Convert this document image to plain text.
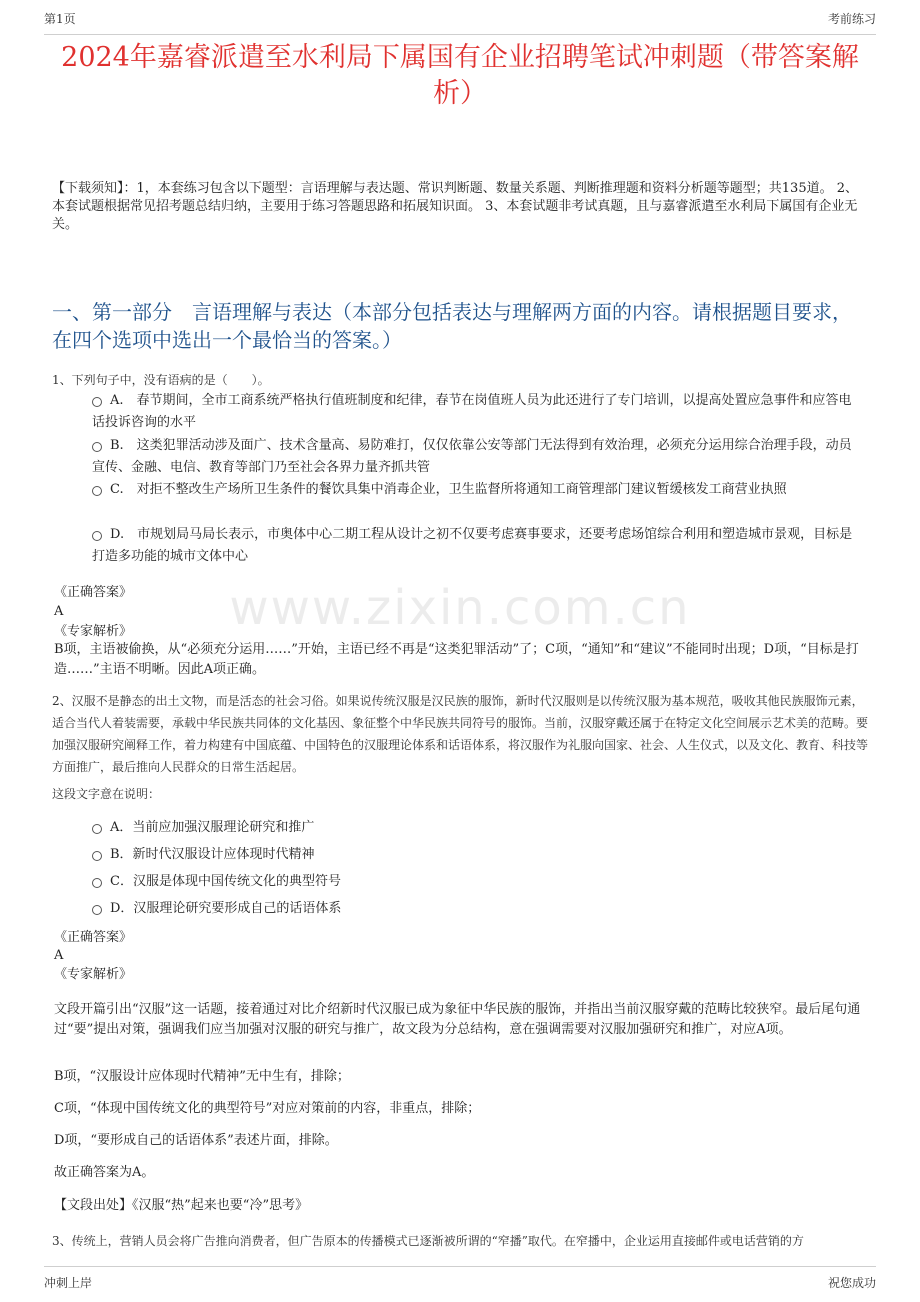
第1页	考前练习
www.zixin.com.cn
2024年嘉睿派遣至水利局下属国有企业招聘笔试冲刺题（带答案解析）
【下载须知】：1，本套练习包含以下题型：言语理解与表达题、常识判断题、数量关系题、判断推理题和资料分析题等题型；共135道。 2、本套试题根据常见招考题总结归纳，主要用于练习答题思路和拓展知识面。 3、本套试题非考试真题，且与嘉睿派遣至水利局下属国有企业无关。
一、第一部分　言语理解与表达（本部分包括表达与理解两方面的内容。请根据题目要求，在四个选项中选出一个最恰当的答案。）
1、下列句子中，没有语病的是（　　）。
A.　春节期间，全市工商系统严格执行值班制度和纪律，春节在岗值班人员为此还进行了专门培训，以提高处置应急事件和应答电话投诉咨询的水平
B.　这类犯罪活动涉及面广、技术含量高、易防难打，仅仅依靠公安等部门无法得到有效治理，必须充分运用综合治理手段，动员宣传、金融、电信、教育等部门乃至社会各界力量齐抓共管
C.　对拒不整改生产场所卫生条件的餐饮具集中消毒企业，卫生监督所将通知工商管理部门建议暂缓核发工商营业执照
D.　市规划局马局长表示，市奥体中心二期工程从设计之初不仅要考虑赛事要求，还要考虑场馆综合利用和塑造城市景观，目标是打造多功能的城市文体中心
《正确答案》
A
《专家解析》
B项，主语被偷换，从“必须充分运用……”开始，主语已经不再是“这类犯罪活动”了；C项，“通知”和“建议”不能同时出现；D项，“目标是打造……”主语不明晰。因此A项正确。
2、汉服不是静态的出土文物，而是活态的社会习俗。如果说传统汉服是汉民族的服饰，新时代汉服则是以传统汉服为基本规范，吸收其他民族服饰元素，适合当代人着装需要，承载中华民族共同体的文化基因、象征整个中华民族共同符号的服饰。当前，汉服穿戴还属于在特定文化空间展示艺术美的范畴。要加强汉服研究阐释工作，着力构建有中国底蕴、中国特色的汉服理论体系和话语体系，将汉服作为礼服向国家、社会、人生仪式，以及文化、教育、科技等方面推广，最后推向人民群众的日常生活起居。
这段文字意在说明：
A．当前应加强汉服理论研究和推广
B．新时代汉服设计应体现时代精神
C．汉服是体现中国传统文化的典型符号
D．汉服理论研究要形成自己的话语体系
《正确答案》
A
《专家解析》
文段开篇引出“汉服”这一话题，接着通过对比介绍新时代汉服已成为象征中华民族的服饰，并指出当前汉服穿戴的范畴比较狭窄。最后尾句通过“要”提出对策，强调我们应当加强对汉服的研究与推广，故文段为分总结构，意在强调需要对汉服加强研究和推广，对应A项。
B项，“汉服设计应体现时代精神”无中生有，排除；
C项，“体现中国传统文化的典型符号”对应对策前的内容，非重点，排除；
D项，“要形成自己的话语体系”表述片面，排除。
故正确答案为A。
【文段出处】《汉服“热”起来也要“冷”思考》
3、传统上，营销人员会将广告推向消费者，但广告原本的传播模式已逐渐被所谓的“窄播”取代。在窄播中，企业运用直接邮件或电话营销的方
冲刺上岸	祝您成功
